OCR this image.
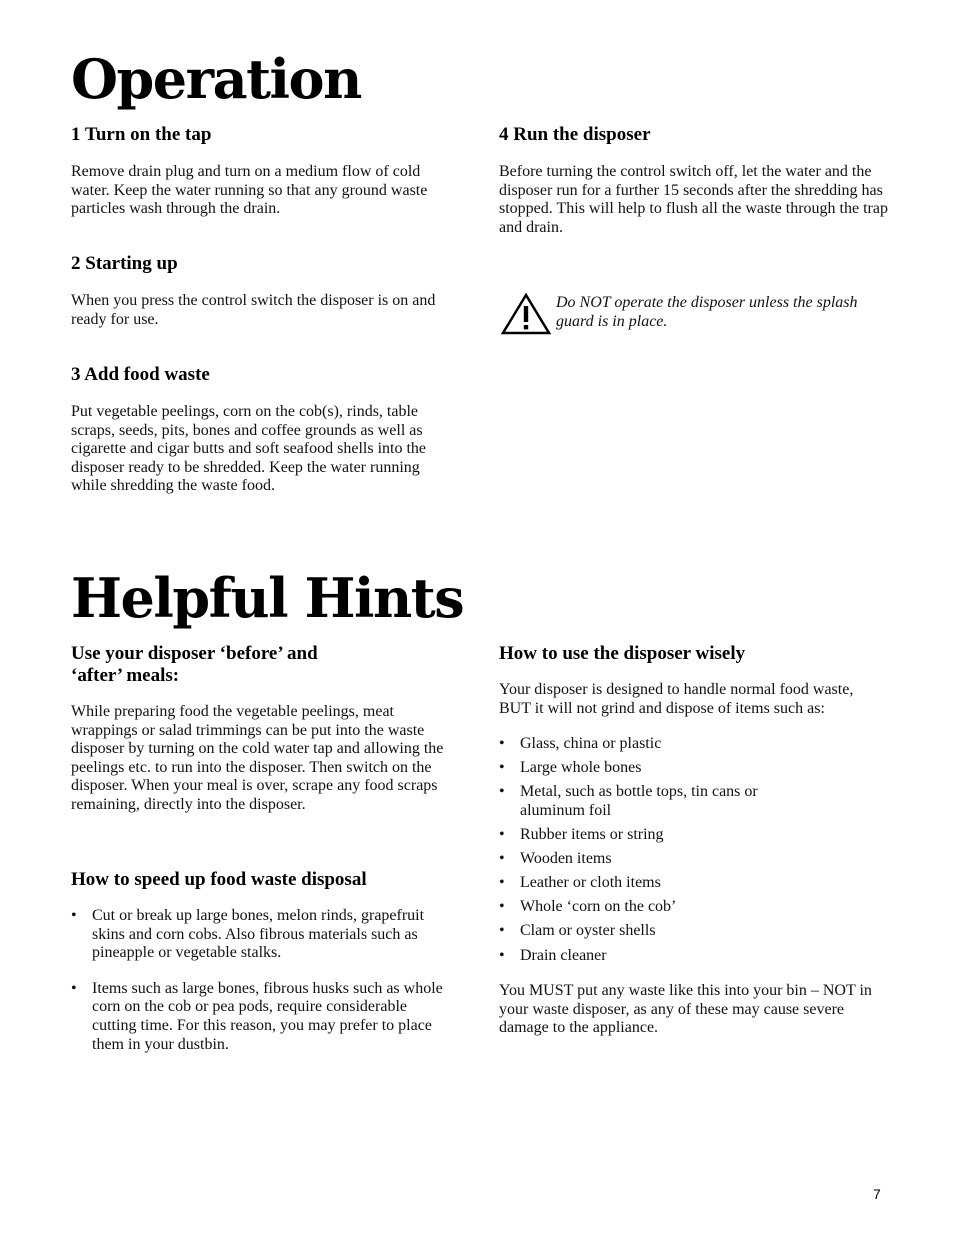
Operation
1 Turn on the tap

Remove drain plug and turn on a medium flow of cold water. Keep the water running so that any ground waste particles wash through the drain.

2 Starting up

When you press the control switch the disposer is on and ready for use.

3 Add food waste

Put vegetable peelings, corn on the cob(s), rinds, table scraps, seeds, pits, bones and coffee grounds as well as cigarette and cigar butts and soft seafood shells into the disposer ready to be shredded. Keep the water running while shredding the waste food.

4 Run the disposer

Before turning the control switch off, let the water and the disposer run for a further 15 seconds after the shredding has stopped. This will help to flush all the waste through the trap and drain.

Do NOT operate the disposer unless the splash guard is in place.
Helpful Hints
Use your disposer ‘before’ and ‘after’ meals:

While preparing food the vegetable peelings, meat wrappings or salad trimmings can be put into the waste disposer by turning on the cold water tap and allowing the peelings etc. to run into the disposer. Then switch on the disposer. When your meal is over, scrape any food scraps remaining, directly into the disposer.

How to speed up food waste disposal
• Cut or break up large bones, melon rinds, grapefruit skins and corn cobs. Also fibrous materials such as pineapple or vegetable stalks.
• Items such as large bones, fibrous husks such as whole corn on the cob or pea pods, require considerable cutting time. For this reason, you may prefer to place them in your dustbin.
How to use the disposer wisely

Your disposer is designed to handle normal food waste, BUT it will not grind and dispose of items such as:

• Glass, china or plastic
• Large whole bones
• Metal, such as bottle tops, tin cans or aluminum foil
• Rubber items or string
• Wooden items
• Leather or cloth items
• Whole ‘corn on the cob’
• Clam or oyster shells
• Drain cleaner

You MUST put any waste like this into your bin – NOT in your waste disposer, as any of these may cause severe damage to the appliance.

7
